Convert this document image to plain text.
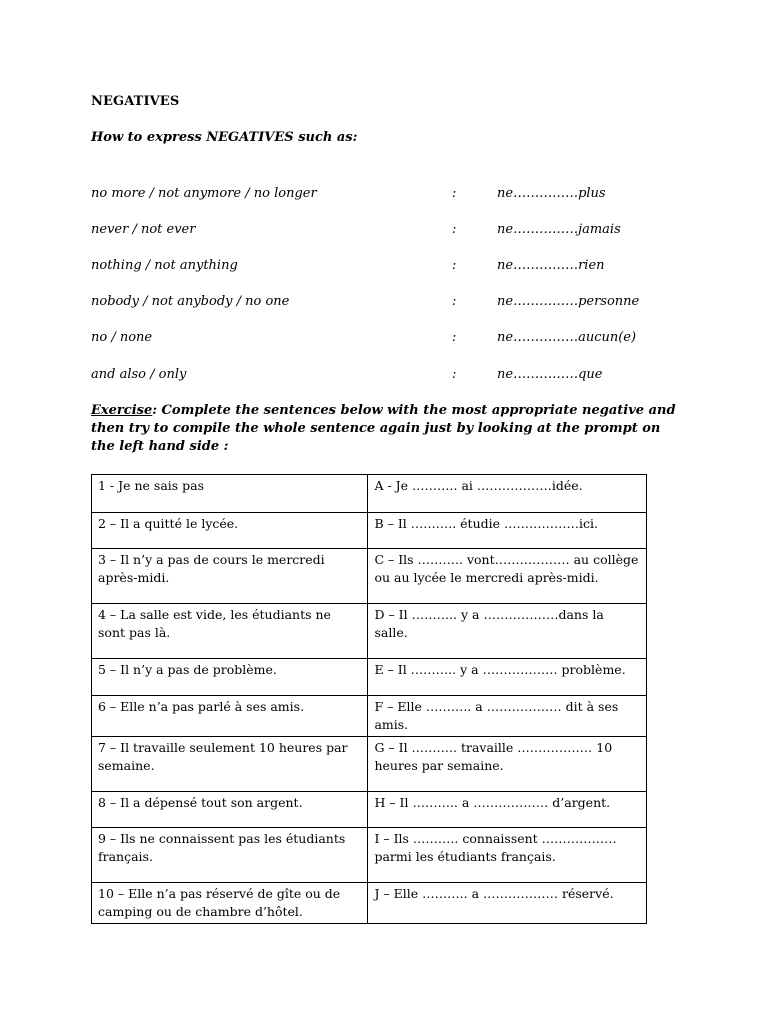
NEGATIVES
How to express NEGATIVES such as:
no more / not anymore / no longer	:	ne……………plus
never / not ever	:	ne……………jamais
nothing / not anything	:	ne……………rien
nobody / not anybody / no one	:	ne……………personne
no / none	:	ne……………aucun(e)
and also / only	:	ne……………que
Exercise: Complete the sentences below with the most appropriate negative and then try to compile the whole sentence again just by looking at the prompt on the left hand side :
1 - Je ne sais pas	A - Je ……….. ai ………………idée.
2 – Il a quitté le lycée.	B – Il ……….. étudie ………………ici.
3 – Il n’y a pas de cours le mercredi après-midi.	C – Ils ……….. vont……………… au collège ou au lycée le mercredi après-midi.
4 – La salle est vide, les étudiants ne sont pas là.	D – Il ……….. y a ………………dans la salle.
5 – Il n’y a pas de problème.	E – Il ……….. y a ……………… problème.
6 – Elle n’a pas parlé à ses amis.	F – Elle ……….. a ……………… dit à ses amis.
7 – Il travaille seulement 10 heures par semaine.	G – Il ……….. travaille ……………… 10 heures par semaine.
8 – Il a dépensé tout son argent.	H – Il ……….. a ……………… d’argent.
9 – Ils ne connaissent pas les étudiants français.	I – Ils ……….. connaissent ……………… parmi les étudiants français.
10 – Elle n’a pas réservé de gîte ou de camping ou de chambre d’hôtel.	J – Elle ……….. a ……………… réservé.
